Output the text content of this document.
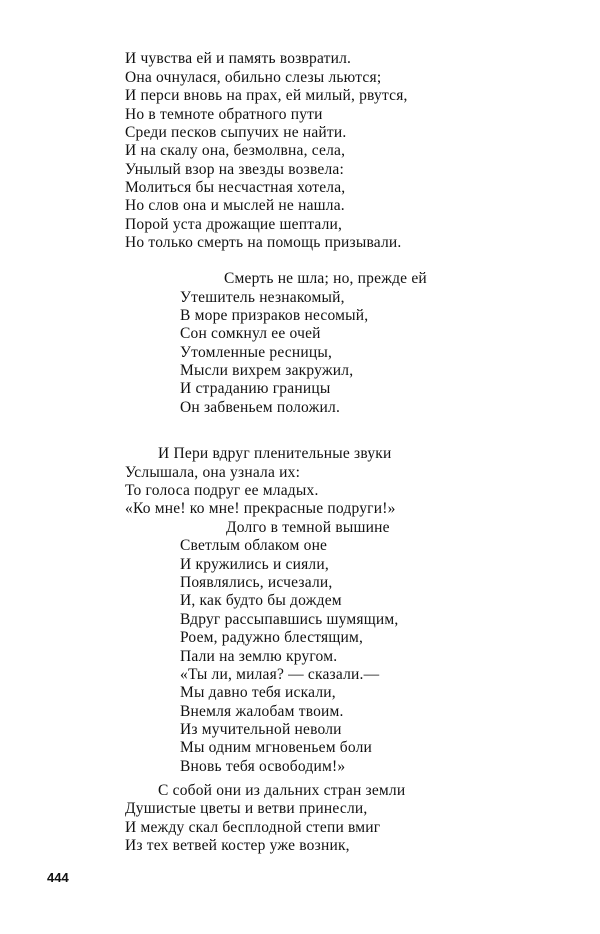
И чувства ей и память возвратил.
Она очнулася, обильно слезы льются;
И перси вновь на прах, ей милый, рвутся,
Но в темноте обратного пути
Среди песков сыпучих не найти.
И на скалу она, безмолвна, села,
Унылый взор на звезды возвела:
Молиться бы несчастная хотела,
Но слов она и мыслей не нашла.
Порой уста дрожащие шептали,
Но только смерть на помощь призывали.
Смерть не шла; но, прежде ей
Утешитель незнакомый,
В море призраков несомый,
Сон сомкнул ее очей
Утомленные ресницы,
Мысли вихрем закружил,
И страданию границы
Он забвеньем положил.
И Пери вдруг пленительные звуки
Услышала, она узнала их:
То голоса подруг ее младых.
«Ко мне! ко мне! прекрасные подруги!»
Долго в темной вышине
Светлым облаком оне
И кружились и сияли,
Появлялись, исчезали,
И, как будто бы дождем
Вдруг рассыпавшись шумящим,
Роем, радужно блестящим,
Пали на землю кругом.
«Ты ли, милая? — сказали.—
Мы давно тебя искали,
Внемля жалобам твоим.
Из мучительной неволи
Мы одним мгновеньем боли
Вновь тебя освободим!»
С собой они из дальних стран земли
Душистые цветы и ветви принесли,
И между скал бесплодной степи вмиг
Из тех ветвей костер уже возник,
444
